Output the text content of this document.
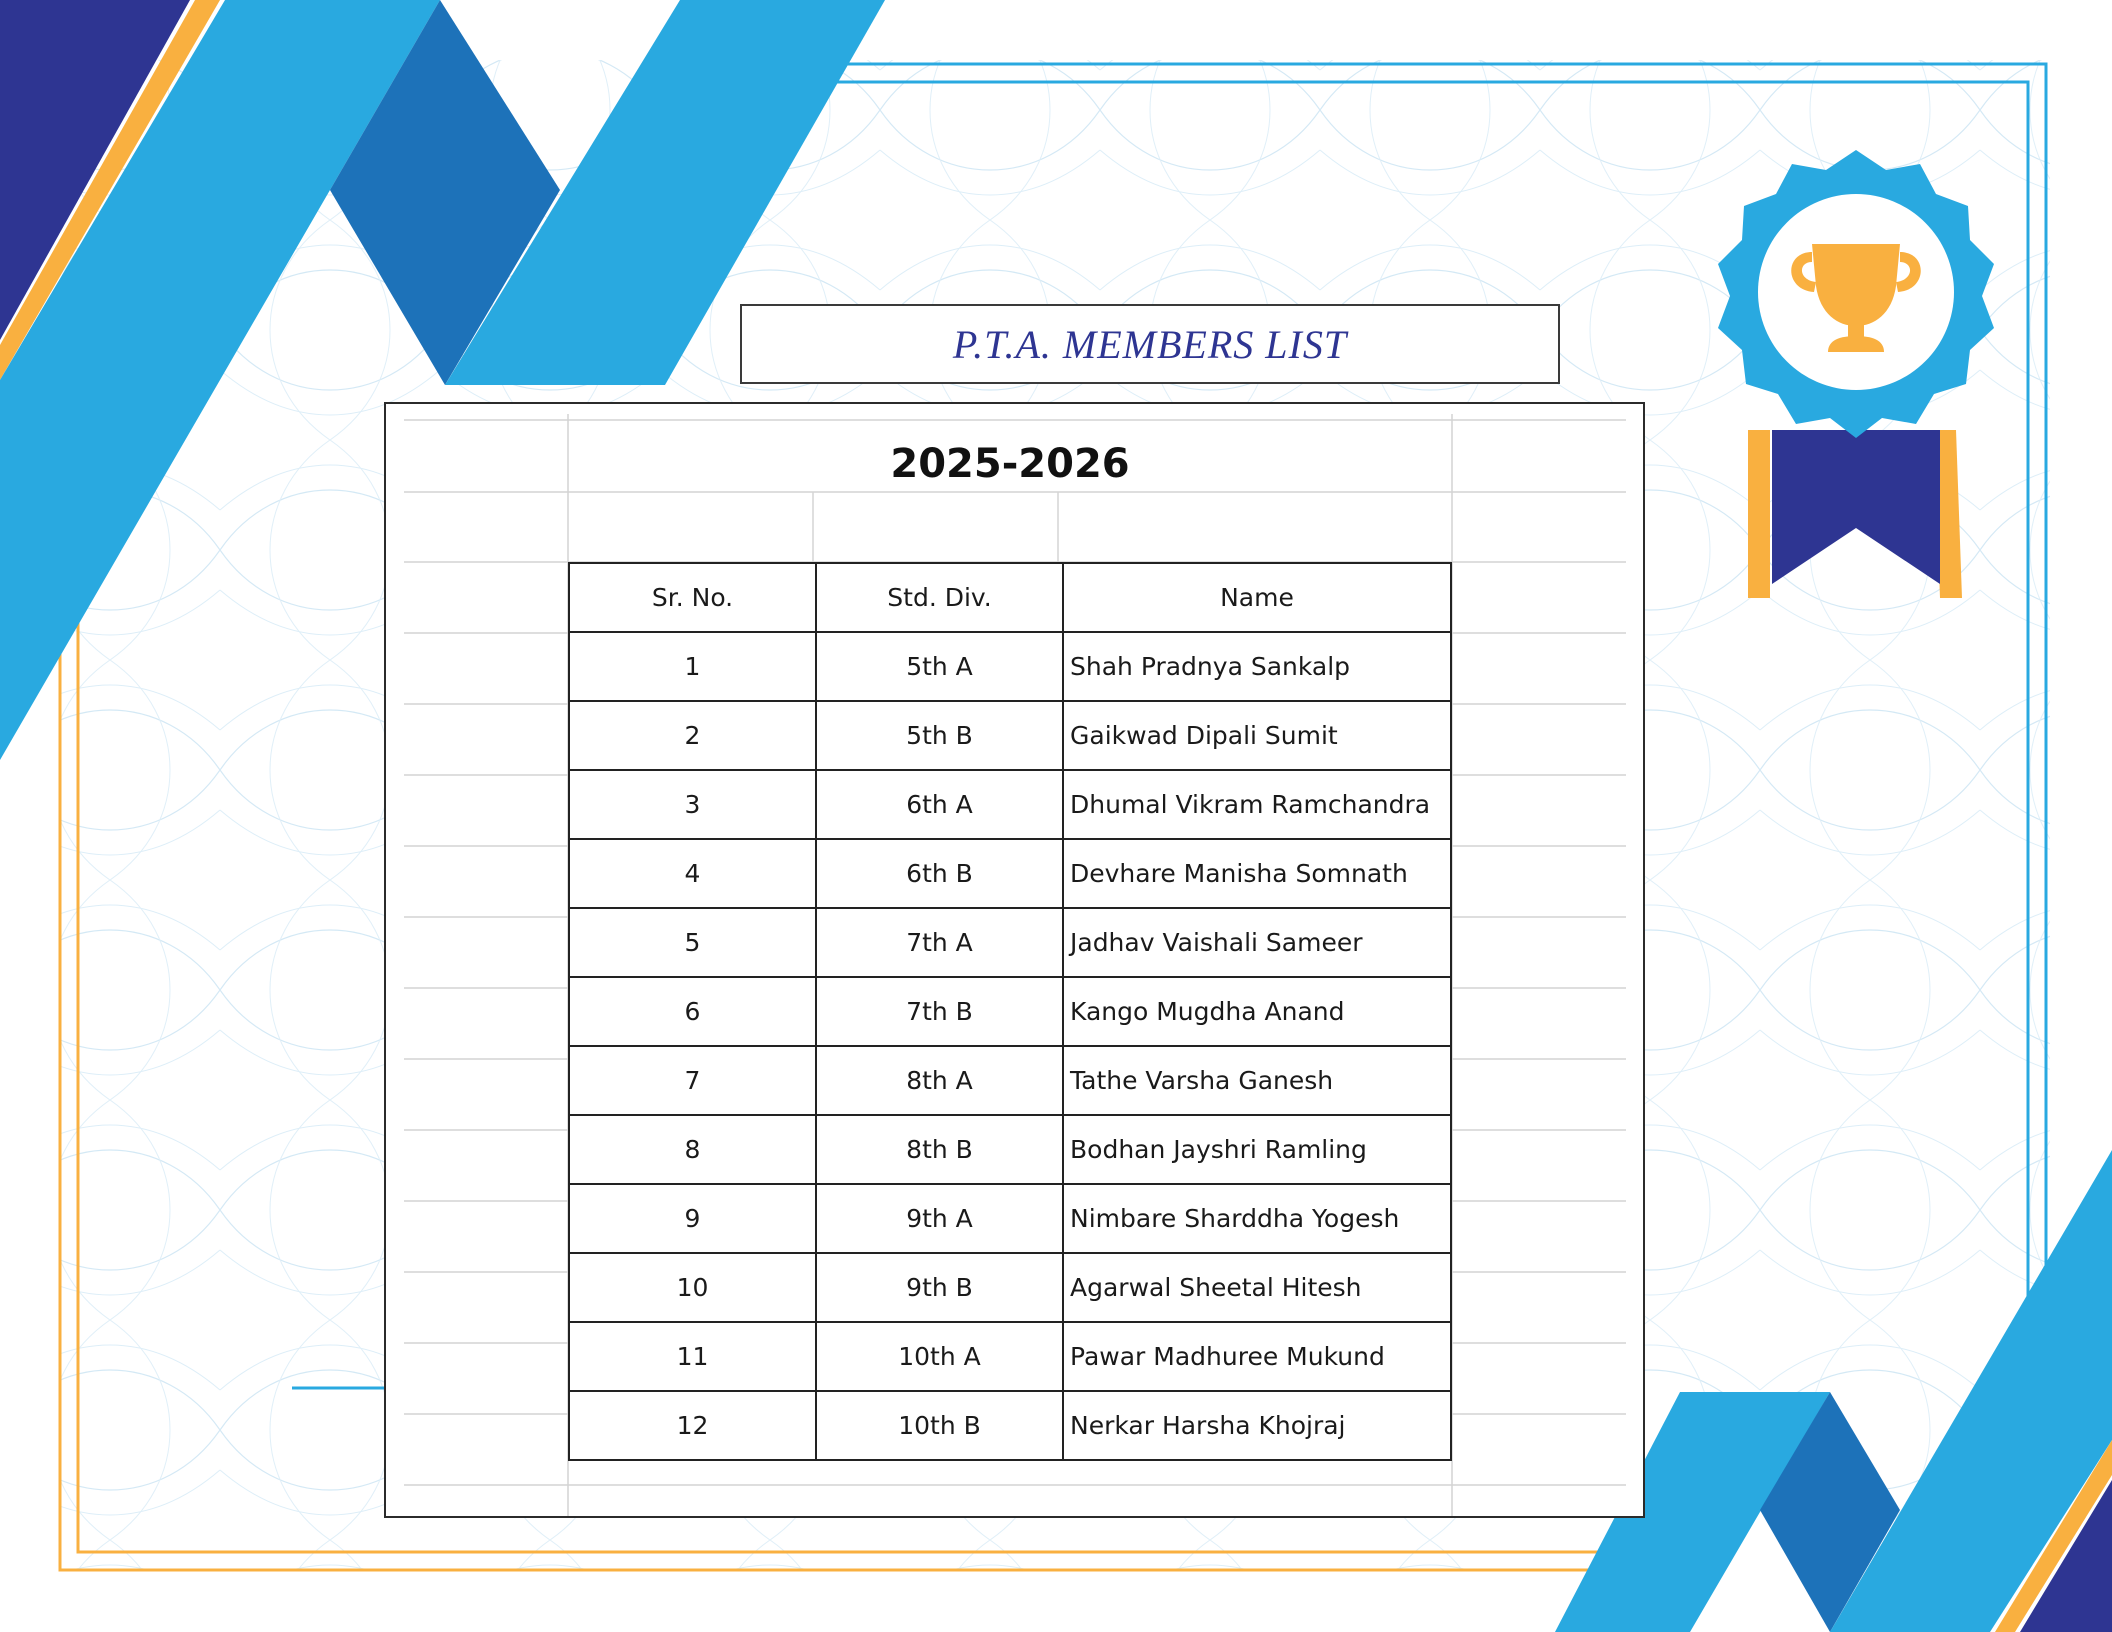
P.T.A. MEMBERS LIST
2025-2026
Sr. No.	Std. Div.	Name
1	5th A	Shah Pradnya Sankalp
2	5th B	Gaikwad Dipali Sumit
3	6th A	Dhumal Vikram Ramchandra
4	6th B	Devhare Manisha Somnath
5	7th A	Jadhav Vaishali Sameer
6	7th B	Kango Mugdha Anand
7	8th A	Tathe Varsha Ganesh
8	8th B	Bodhan Jayshri Ramling
9	9th A	Nimbare Sharddha Yogesh
10	9th B	Agarwal Sheetal Hitesh
11	10th A	Pawar Madhuree Mukund
12	10th B	Nerkar Harsha Khojraj
